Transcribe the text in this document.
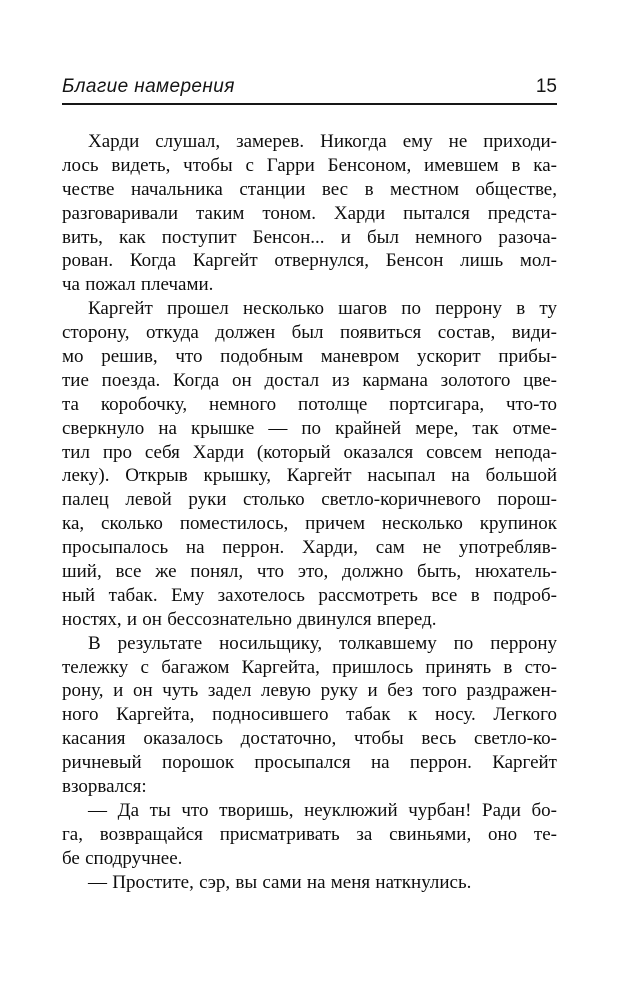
Благие намерения	15
Харди слушал, замерев. Никогда ему не приходи-
лось видеть, чтобы с Гарри Бенсоном, имевшем в ка-
честве начальника станции вес в местном обществе,
разговаривали таким тоном. Харди пытался предста-
вить, как поступит Бенсон... и был немного разоча-
рован. Когда Каргейт отвернулся, Бенсон лишь мол-
ча пожал плечами.
Каргейт прошел несколько шагов по перрону в ту
сторону, откуда должен был появиться состав, види-
мо решив, что подобным маневром ускорит прибы-
тие поезда. Когда он достал из кармана золотого цве-
та коробочку, немного потолще портсигара, что-то
сверкнуло на крышке — по крайней мере, так отме-
тил про себя Харди (который оказался совсем непода-
леку). Открыв крышку, Каргейт насыпал на большой
палец левой руки столько светло-коричневого порош-
ка, сколько поместилось, причем несколько крупинок
просыпалось на перрон. Харди, сам не употребляв-
ший, все же понял, что это, должно быть, нюхатель-
ный табак. Ему захотелось рассмотреть все в подроб-
ностях, и он бессознательно двинулся вперед.
В результате носильщику, толкавшему по перрону
тележку с багажом Каргейта, пришлось принять в сто-
рону, и он чуть задел левую руку и без того раздражен-
ного Каргейта, подносившего табак к носу. Легкого
касания оказалось достаточно, чтобы весь светло-ко-
ричневый порошок просыпался на перрон. Каргейт
взорвался:
— Да ты что творишь, неуклюжий чурбан! Ради бо-
га, возвращайся присматривать за свиньями, оно те-
бе сподручнее.
— Простите, сэр, вы сами на меня наткнулись.
